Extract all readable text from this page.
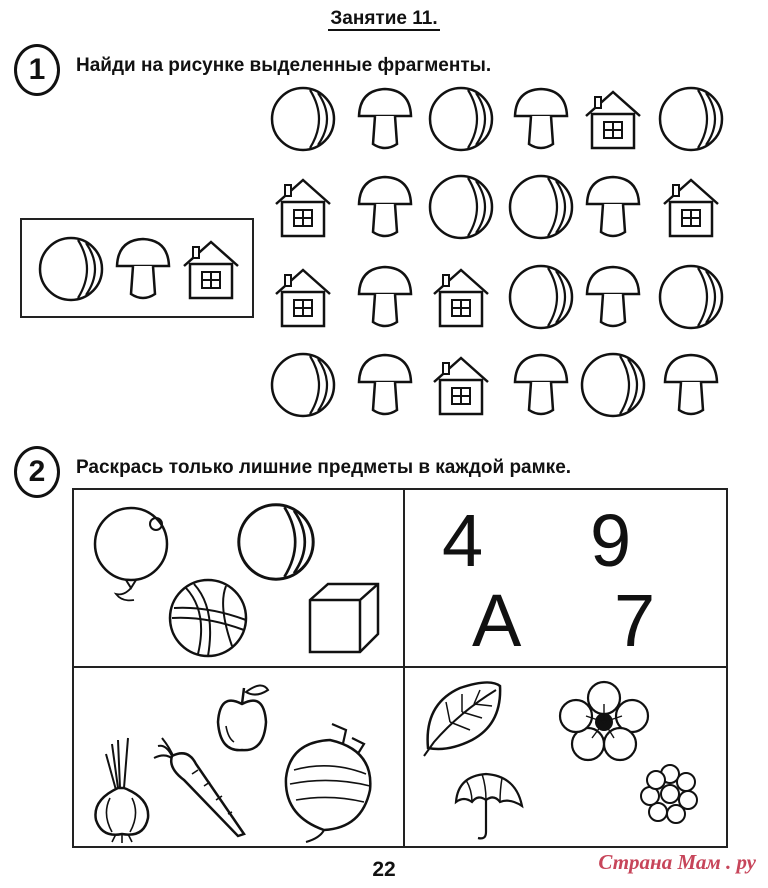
Занятие 11.
1	Найди на рисунке выделенные фрагменты.
2	Раскрась только лишние предметы в каждой рамке.
4 9
А 7
22	Страна Мам . ру
